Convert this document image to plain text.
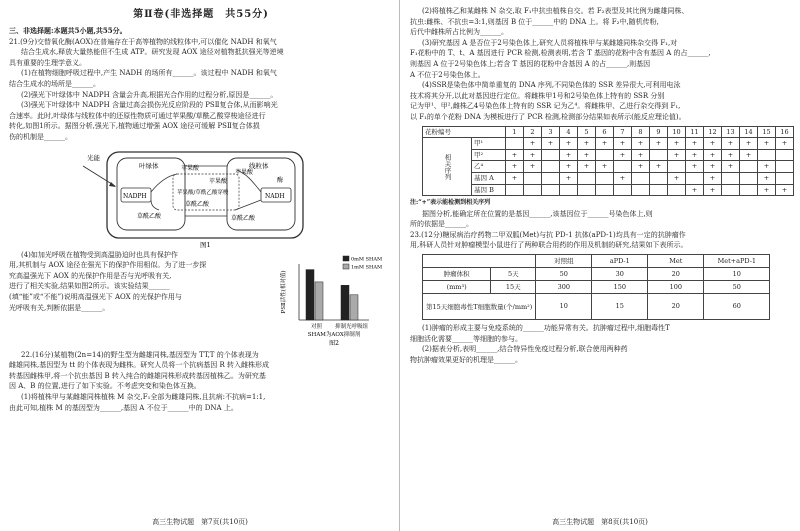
第Ⅱ卷(非选择题　共55分)

三、非选择题:本题共5小题,共55分。

21.(9分)交替氧化酶(AOX)在普遍存在于高等植物的线粒体中,可以催化 NADH 和氧气

结合生成水,释放大量热能但不生成 ATP。研究发现 AOX 途径对植物抵抗强光等逆境

具有重要的生理学意义。

(1)在植物细胞呼吸过程中,产生 NADH 的场所有______。该过程中 NADH 和氧气

结合生成水的场所是______。

(2)强光下叶绿体中 NADPH 含量会升高,根据光合作用的过程分析,原因是______。

(3)强光下叶绿体中 NADPH 含量过高会损伤光反应阶段的 PSⅡ复合体,从而影响光

合速率。此时,叶绿体与线粒体中的还原性物质可通过苹果酸/草酰乙酸穿梭途径进行

转化,如图1所示。据图分析,强光下,植物通过增强 AOX 途径可缓解 PSⅡ复合体损

伤的机制是______。

光能
叶绿体	线粒体
NADPH	NADH
苹果酸
苹果酸
苹果酸
苹果酸/草酰乙酸穿梭
草酰乙酸
草酰乙酸
草酰乙酸
酶
图1

(4)如加光呼吸在植物受到高温胁迫时也具有保护作

用,其机制与 AOX 途径在强光下的保护作用相似。为了进一步探

究高温强光下 AOX 的光保护作用是否与光呼吸有关,

进行了相关实验,结果如图2所示。该实验结果______

(填“能”或“不能”)说明高温强光下 AOX 的光保护作用与

光呼吸有关,判断依据是______。	PSⅡ活性(相对值)
对照 抑制光呼吸组
SHAM为AOX抑制剂
图2
0mM SHAM
1mM SHAM

22.(16分)某植物(2n=14)的野生型为雌雄同株,基因型为 TT,T 的个体表现为

雌雄同株,基因型为 tt 的个体表现为雌株。研究人员将一个抗病基因 R 转入雌株形成

转基因雌株甲,将一个抗虫基因 B 转入纯合的雌雄同株形成转基因植株乙。为研究基

因 A、B 的位置,进行了如下实验。不考虑突变和染色体互换。

(1)将植株甲与某雌雄同株植株 M 杂交,F₁全部为雌雄同株,且抗病:不抗病=1:1,

由此可知,植株 M 的基因型为______,基因 A 不位于______中的 DNA 上。

高三生物试题　第7页(共10页)

(2)将植株乙和某雌株 N 杂交,取 F₁中抗虫植株自交。若 F₂表型及其比例为雌雄同株、

抗虫:雌株、不抗虫=3:1,则基因 B 位于______中的 DNA 上。将 F₂中,随机传粉,

后代中雌株所占比例为______。

(3)研究基因 A 是否位于2号染色体上,研究人员将植株甲与某雌雄同株杂交得 F₁,对

F₁花粉中的 T、t、A 基因进行 PCR 检测,检测表明,若含 T 基因的花粉中含有基因 A 的占______,

则基因 A 位于2号染色体上;若含 T 基因的花粉中含基因 A 的占______,则基因

A 不位于2号染色体上。

(4)SSR是染色体中简单重复的 DNA 序列,不同染色体的 SSR 差异很大,可利用电泳

技术将其分开,以此对基因进行定位。将雌株甲1号和2号染色体上特有的 SSR 分别

记为甲¹、甲²,雌株乙4号染色体上特有的 SSR 记为乙⁴。将雌株甲、乙进行杂交得到 F₁,

以 F₁的单个花粉 DNA 为模板进行了 PCR 检测,检测部分结果如表所示(能反应理论值)。

花粉编号		1	2	3	4	5	6	7	8	9	10	11	12	13	14	15	16
相关序列	甲¹		+	+	+	+	+	+	+	+	+	+	+	+	+	+	+
	甲²	+	+		+	+		+	+		+	+	+	+	+		
	乙⁴	+	+		+	+	+		+	+		+	+	+		+	
	基因 A	+			+			+			+		+			+	
	基因 B											+	+			+	+

注:“+”表示能检测到相关序列

据图分析,能确定所在位置的是基因______,该基因位于______号染色体上,则

所的依据是______。

23.(12分)糖尿病治疗药物二甲双胍(Met)与抗 PD-1 抗体(aPD-1)均具有一定的抗肿瘤作

用,科研人员针对肿瘤模型小鼠进行了两种联合用药的作用及机制的研究,结果如下表所示。

		对照组	aPD-1	Met	Met+aPD-1
肿瘤体积	5天	50	30	20	10
(mm³)	15天	300	150	100	50
第15天细胞毒性T细胞数量(个/mm²)		10	15	20	60

(1)肿瘤的形成主要与免疫系统的______功能异常有关。抗肿瘤过程中,细胞毒性T

细胞活化需要______等细胞的参与。

(2)据表分析,表明______,结合特异性免疫过程分析,联合使用两种药

物抗肿瘤效果更好的机理是______。

高三生物试题　第8页(共10页)
